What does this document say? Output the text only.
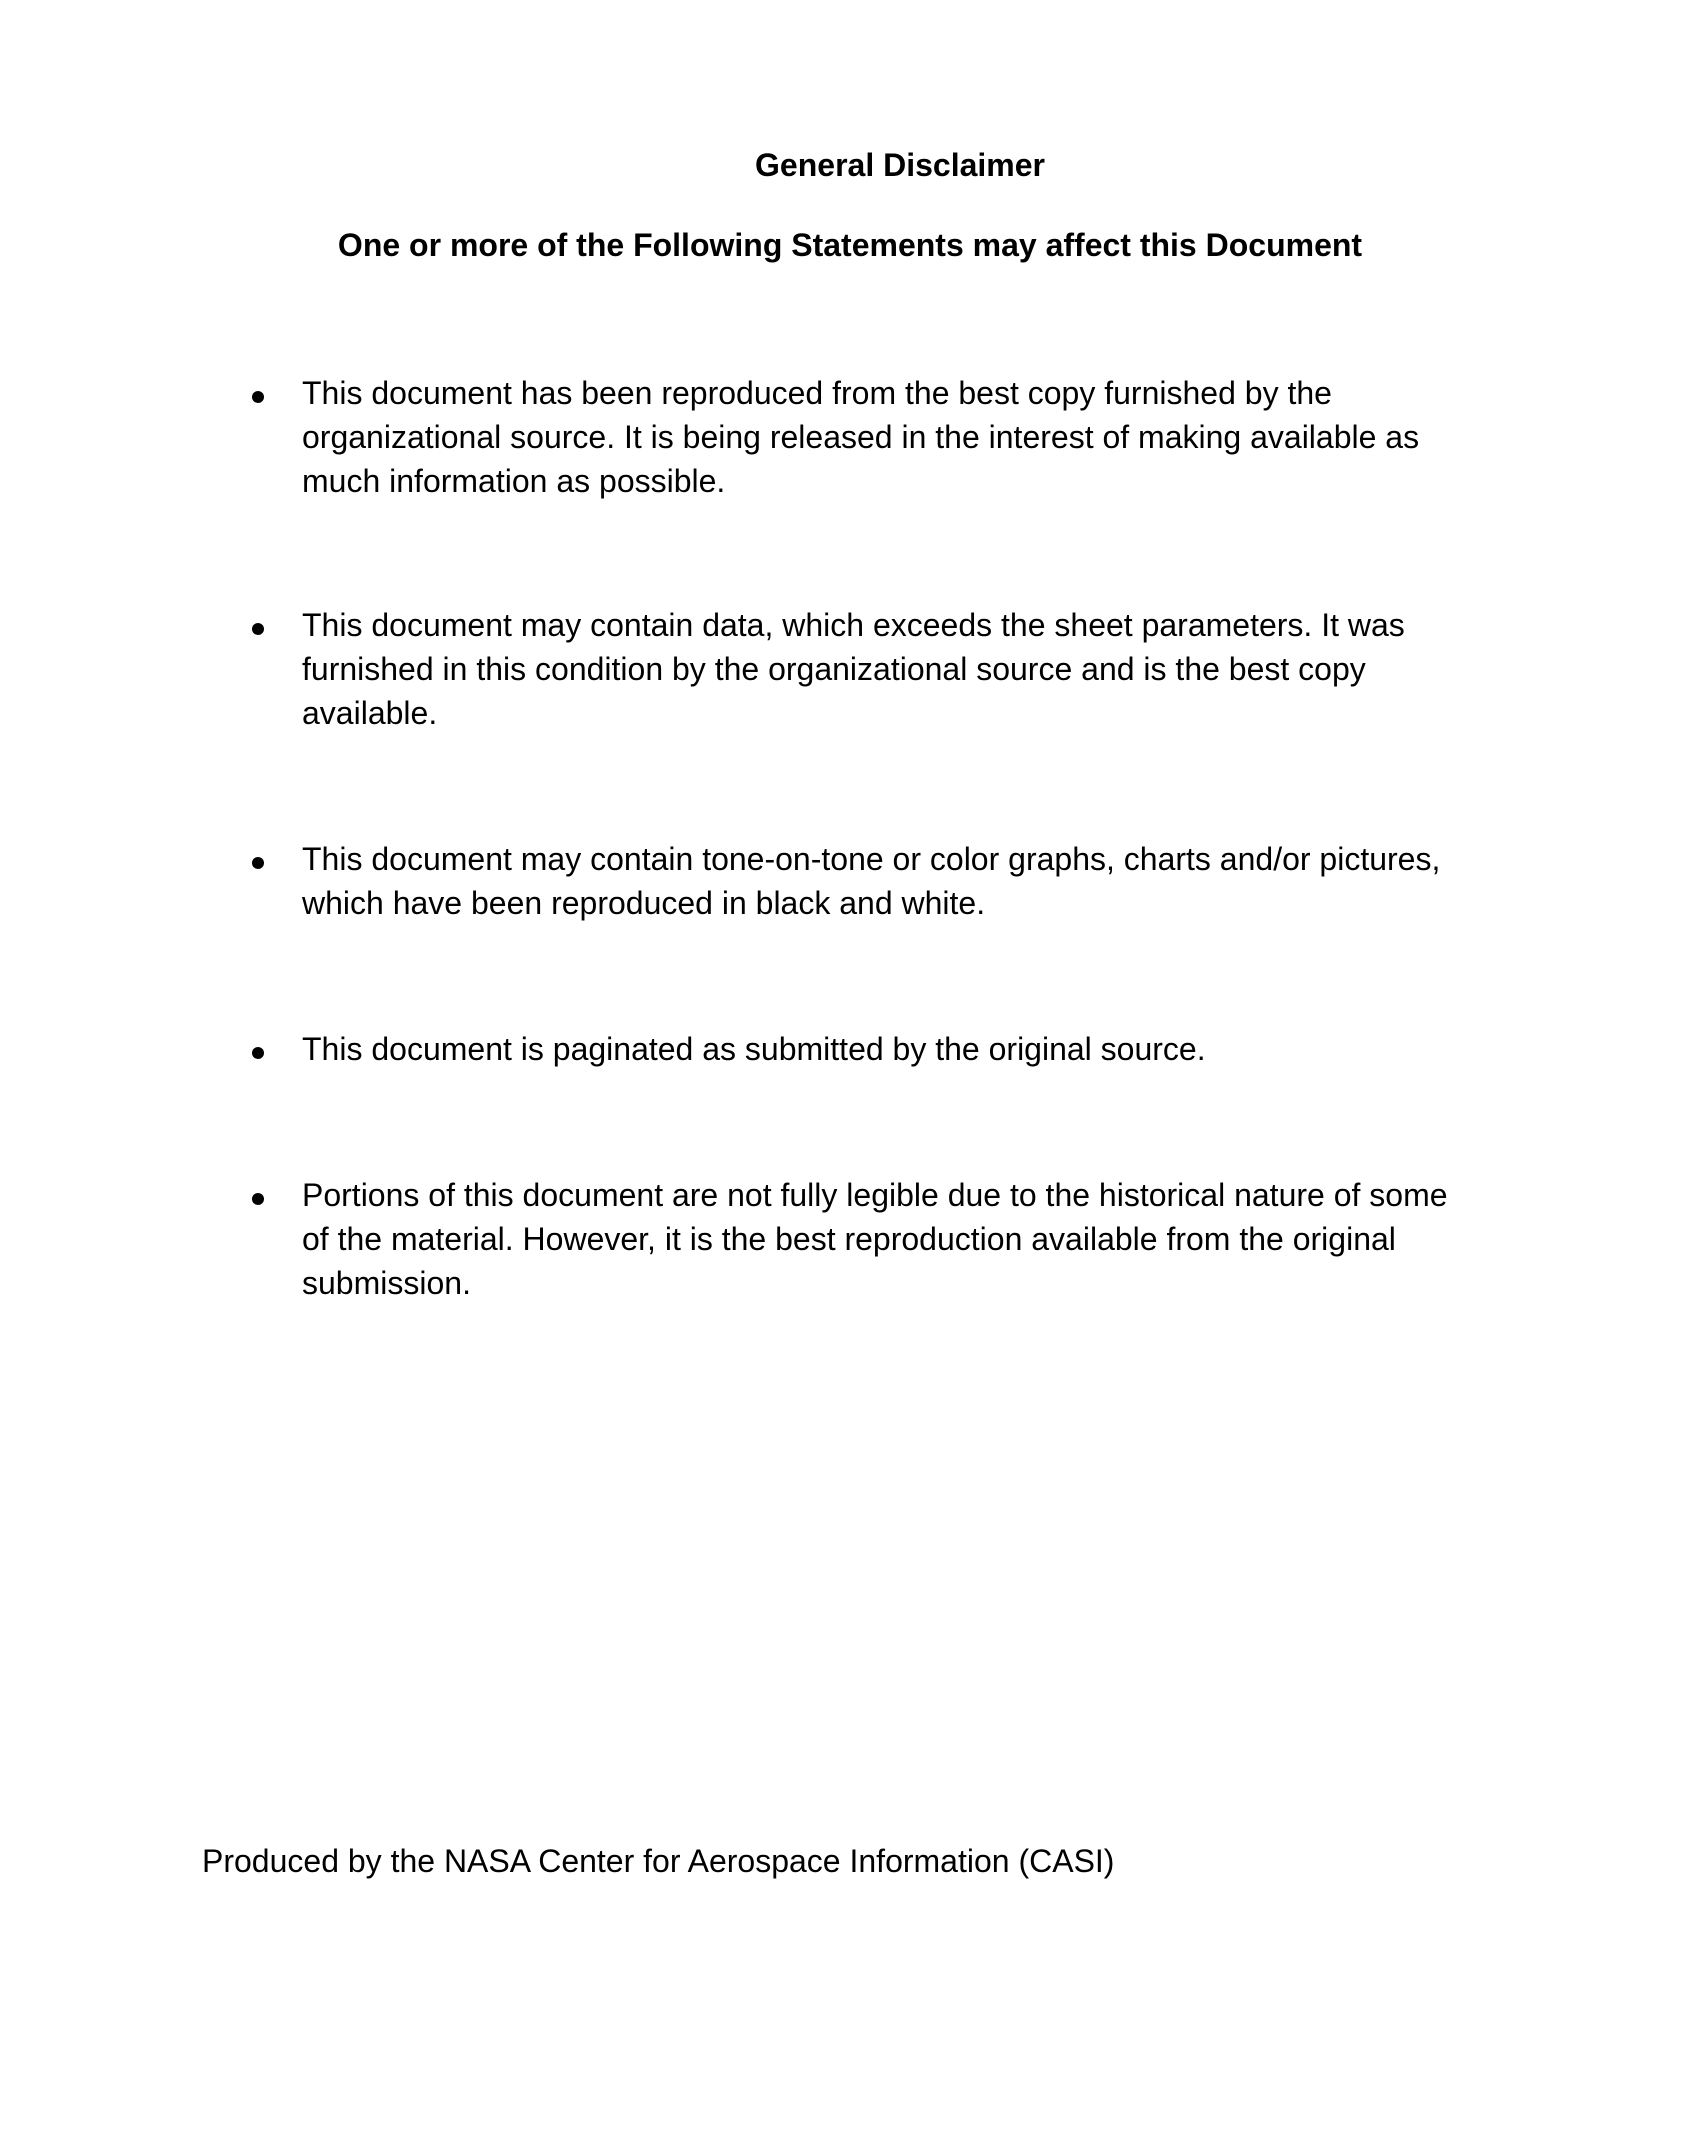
General Disclaimer
One or more of the Following Statements may affect this Document
This document has been reproduced from the best copy furnished by the
organizational source. It is being released in the interest of making available as
much information as possible.
This document may contain data, which exceeds the sheet parameters. It was
furnished in this condition by the organizational source and is the best copy
available.
This document may contain tone-on-tone or color graphs, charts and/or pictures,
which have been reproduced in black and white.
This document is paginated as submitted by the original source.
Portions of this document are not fully legible due to the historical nature of some
of the material. However, it is the best reproduction available from the original
submission.
Produced by the NASA Center for Aerospace Information (CASI)
